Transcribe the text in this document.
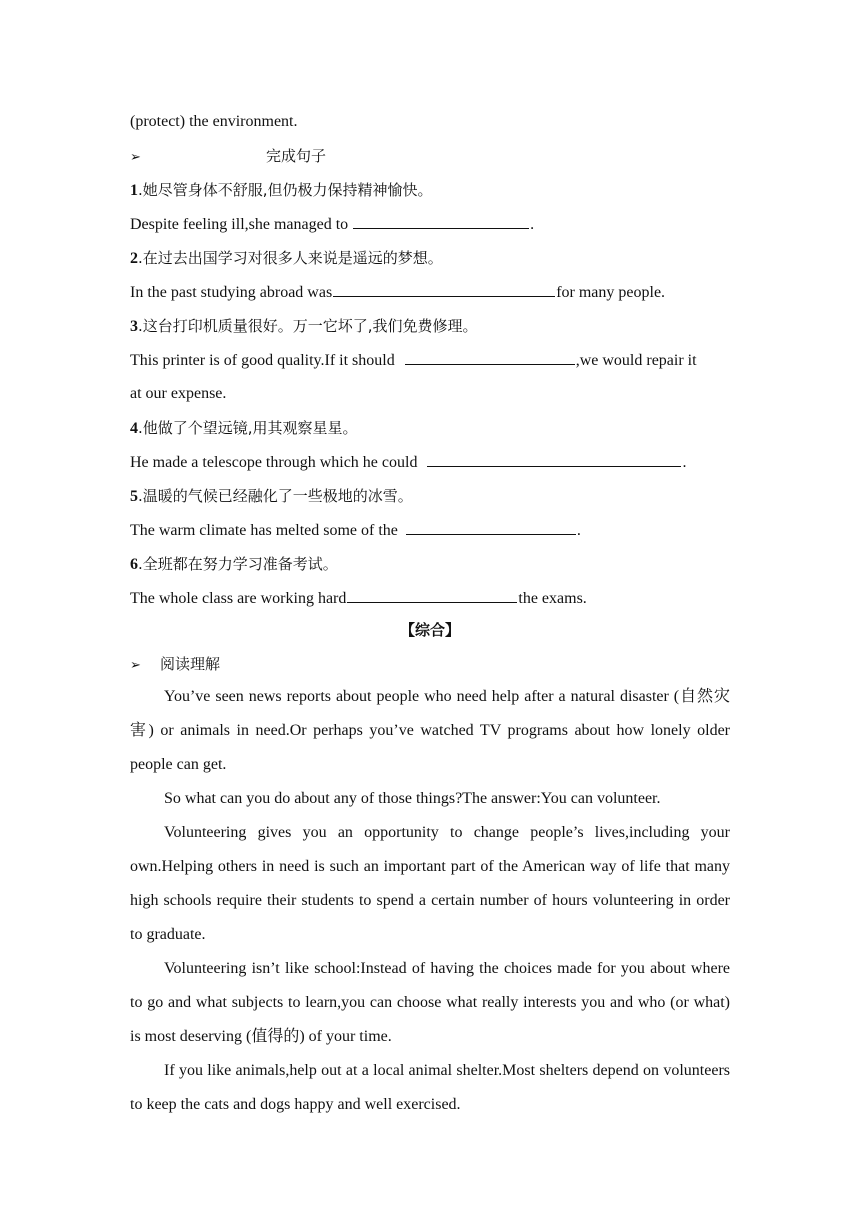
(protect) the environment.
➢	完成句子
1.她尽管身体不舒服,但仍极力保持精神愉快。
Despite feeling ill,she managed to	.
2.在过去出国学习对很多人来说是遥远的梦想。
In the past studying abroad was	for many people.
3.这台打印机质量很好。万一它坏了,我们免费修理。
This printer is of good quality.If it should	,we would repair it
at our expense.
4.他做了个望远镜,用其观察星星。
He made a telescope through which he could	.
5.温暖的气候已经融化了一些极地的冰雪。
The warm climate has melted some of the	.
6.全班都在努力学习准备考试。
The whole class are working hard	the exams.
【综合】
➢ 阅读理解
You’ve seen news reports about people who need help after a natural disaster (自然灾害) or animals in need.Or perhaps you’ve watched TV programs about how lonely older people can get.
So what can you do about any of those things?The answer:You can volunteer.
Volunteering gives you an opportunity to change people’s lives,including your own.Helping others in need is such an important part of the American way of life that many high schools require their students to spend a certain number of hours volunteering in order to graduate.
Volunteering isn’t like school:Instead of having the choices made for you about where to go and what subjects to learn,you can choose what really interests you and who (or what) is most deserving (值得的) of your time.
If you like animals,help out at a local animal shelter.Most shelters depend on volunteers to keep the cats and dogs happy and well exercised.
